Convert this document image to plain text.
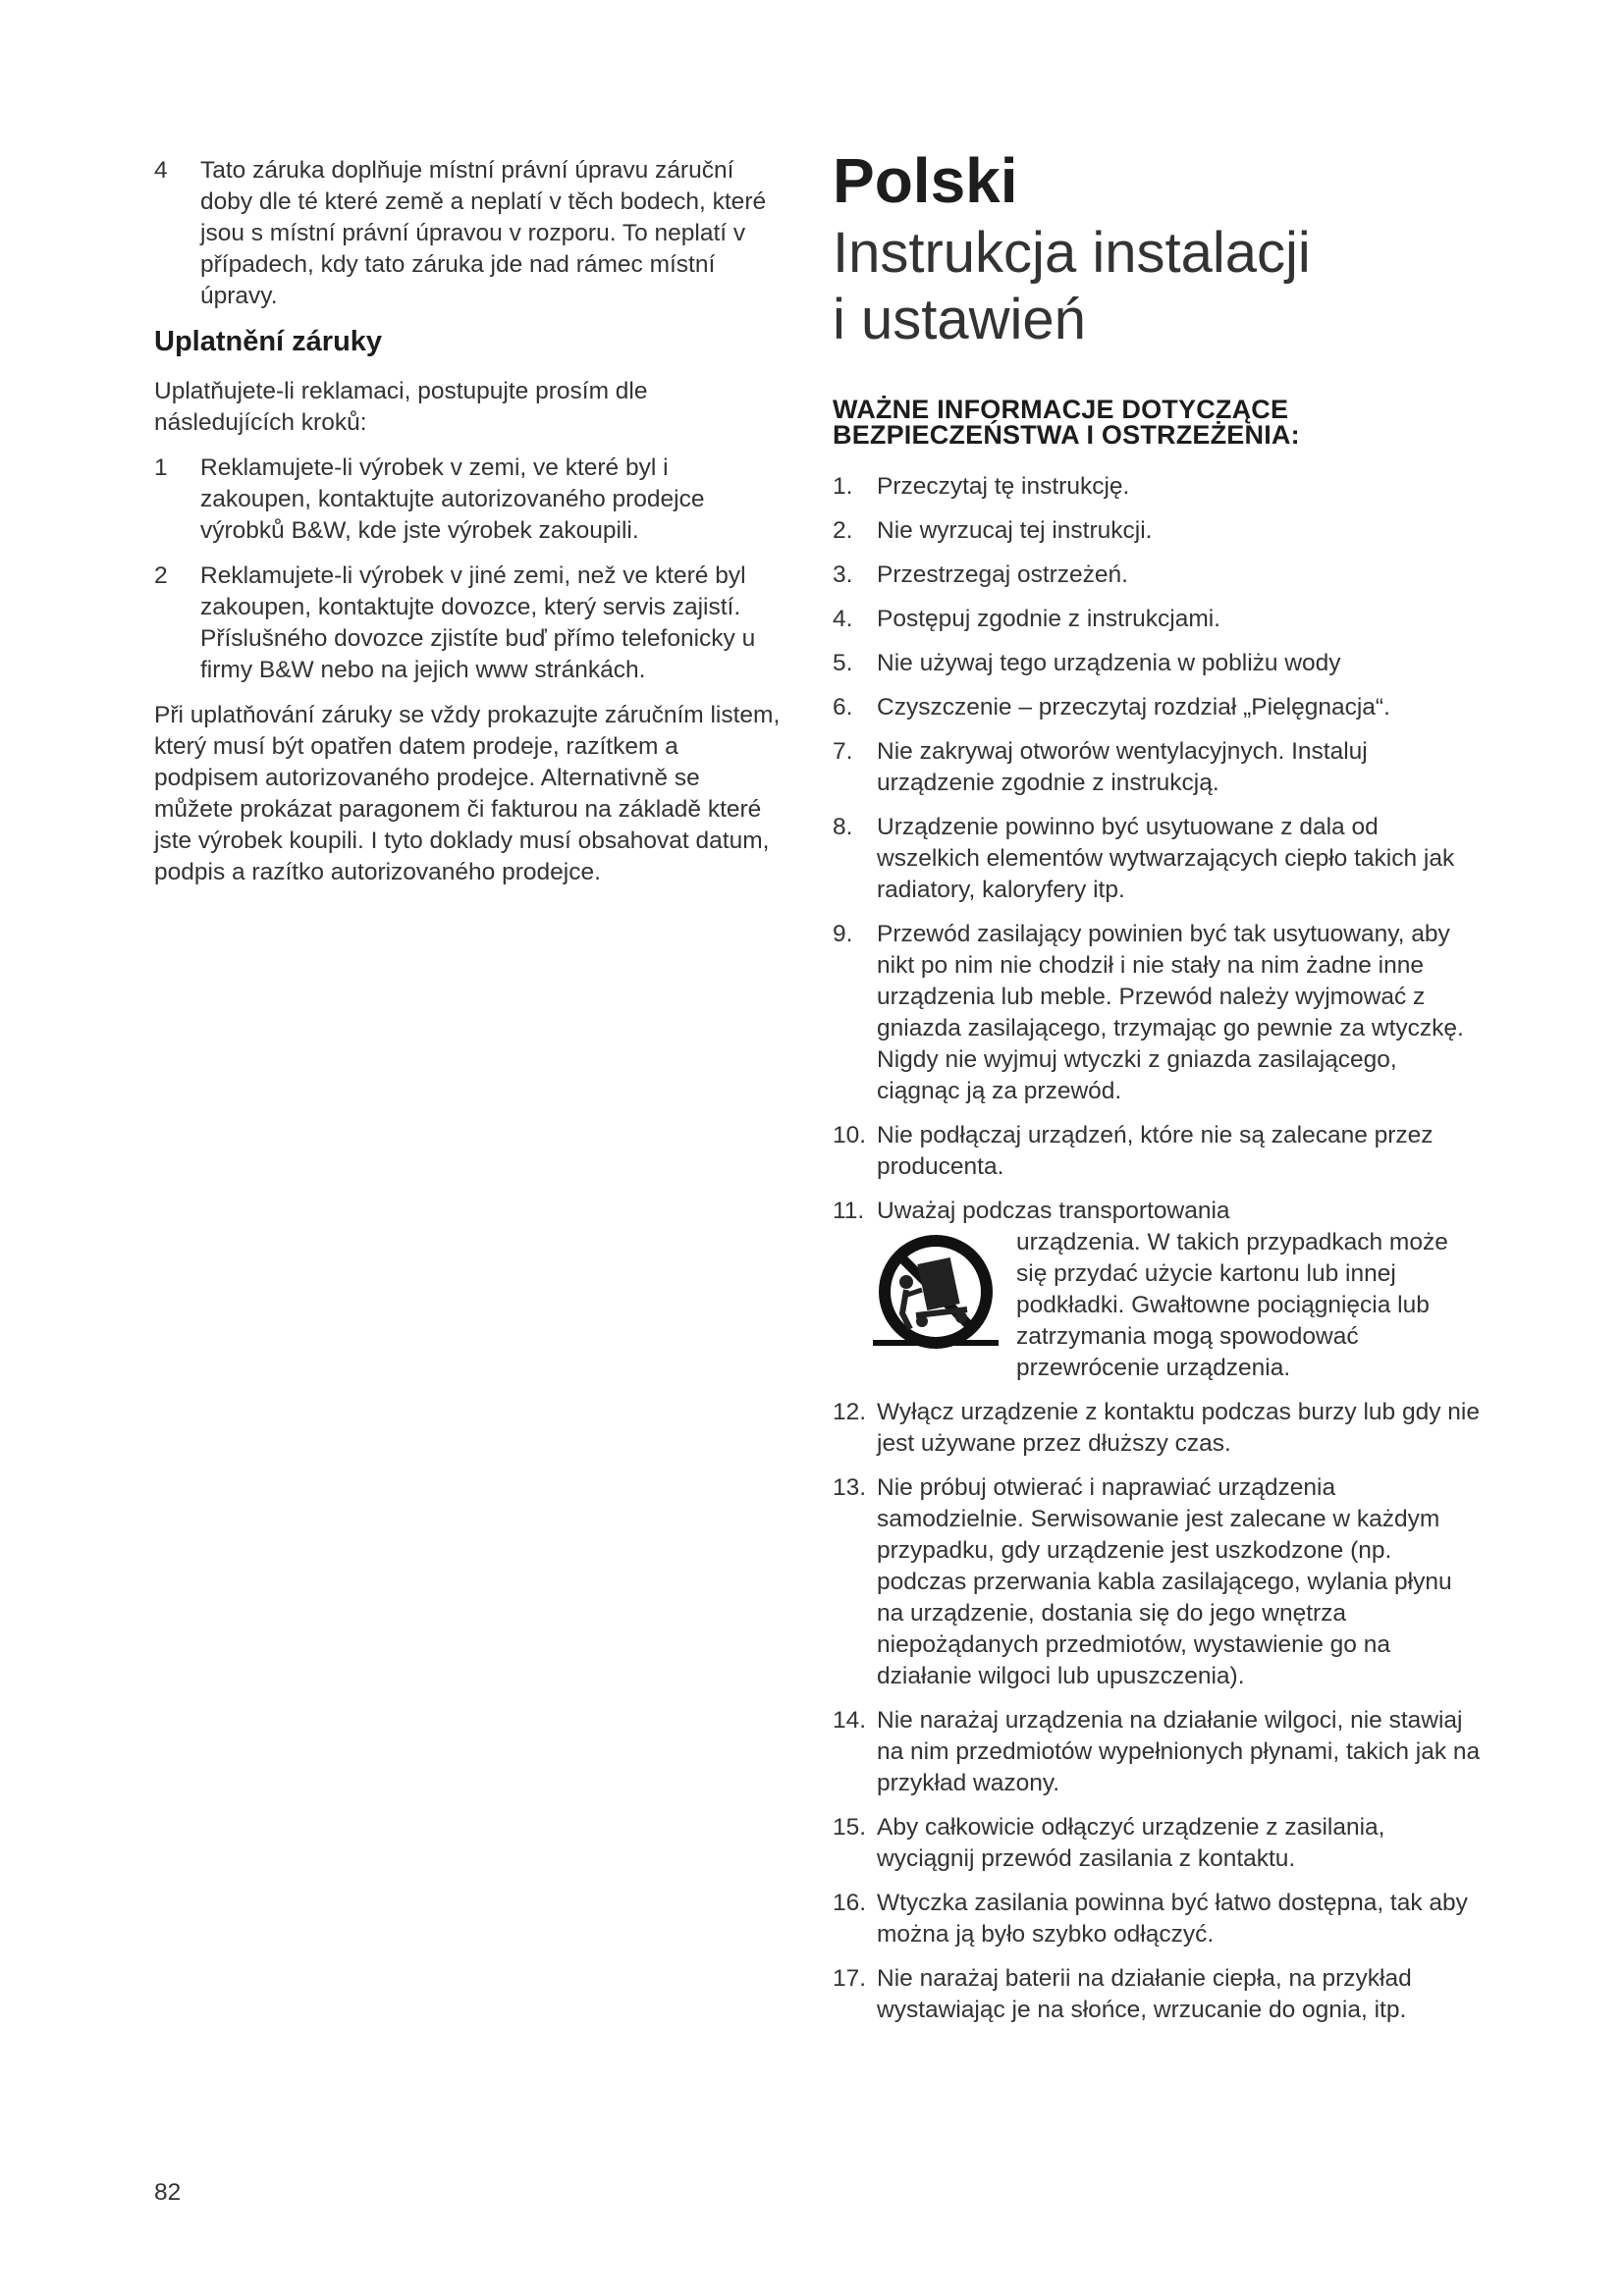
4 Tato záruka doplňuje místní právní úpravu záruční doby dle té které země a neplatí v těch bodech, které jsou s místní právní úpravou v rozporu. To neplatí v případech, kdy tato záruka jde nad rámec místní úpravy.
Uplatnění záruky

Uplatňujete-li reklamaci, postupujte prosím dle následujících kroků:

1 Reklamujete-li výrobek v zemi, ve které byl i zakoupen, kontaktujte autorizovaného prodejce výrobků B&W, kde jste výrobek zakoupili.
2 Reklamujete-li výrobek v jiné zemi, než ve které byl zakoupen, kontaktujte dovozce, který servis zajistí. Příslušného dovozce zjistíte buď přímo telefonicky u firmy B&W nebo na jejich www stránkách.

Při uplatňování záruky se vždy prokazujte záručním listem, který musí být opatřen datem prodeje, razítkem a podpisem autorizovaného prodejce. Alternativně se můžete prokázat paragonem či fakturou na základě které jste výrobek koupili. I tyto doklady musí obsahovat datum, podpis a razítko autorizovaného prodejce.

Polski
Instrukcja instalacji
i ustawień
WAŻNE INFORMACJE DOTYCZĄCE
BEZPIECZEŃSTWA I OSTRZEŻENIA:
1. Przeczytaj tę instrukcję.
2. Nie wyrzucaj tej instrukcji.
3. Przestrzegaj ostrzeżeń.
4. Postępuj zgodnie z instrukcjami.
5. Nie używaj tego urządzenia w pobliżu wody
6. Czyszczenie – przeczytaj rozdział „Pielęgnacja“.
7. Nie zakrywaj otworów wentylacyjnych. Instaluj urządzenie zgodnie z instrukcją.
8. Urządzenie powinno być usytuowane z dala od wszelkich elementów wytwarzających ciepło takich jak radiatory, kaloryfery itp.
9. Przewód zasilający powinien być tak usytuowany, aby nikt po nim nie chodził i nie stały na nim żadne inne urządzenia lub meble. Przewód należy wyjmować z gniazda zasilającego, trzymając go pewnie za wtyczkę. Nigdy nie wyjmuj wtyczki z gniazda zasilającego, ciągnąc ją za przewód.
10. Nie podłączaj urządzeń, które nie są zalecane przez producenta.
11. Uważaj podczas transportowania
urządzenia. W takich przypadkach może się przydać użycie kartonu lub innej podkładki. Gwałtowne pociągnięcia lub zatrzymania mogą spowodować przewrócenie urządzenia.
12. Wyłącz urządzenie z kontaktu podczas burzy lub gdy nie jest używane przez dłuższy czas.
13. Nie próbuj otwierać i naprawiać urządzenia samodzielnie. Serwisowanie jest zalecane w każdym przypadku, gdy urządzenie jest uszkodzone (np. podczas przerwania kabla zasilającego, wylania płynu na urządzenie, dostania się do jego wnętrza niepożądanych przedmiotów, wystawienie go na działanie wilgoci lub upuszczenia).
14. Nie narażaj urządzenia na działanie wilgoci, nie stawiaj na nim przedmiotów wypełnionych płynami, takich jak na przykład wazony.
15. Aby całkowicie odłączyć urządzenie z zasilania, wyciągnij przewód zasilania z kontaktu.
16. Wtyczka zasilania powinna być łatwo dostępna, tak aby można ją było szybko odłączyć.
17. Nie narażaj baterii na działanie ciepła, na przykład wystawiając je na słońce, wrzucanie do ognia, itp.
82
